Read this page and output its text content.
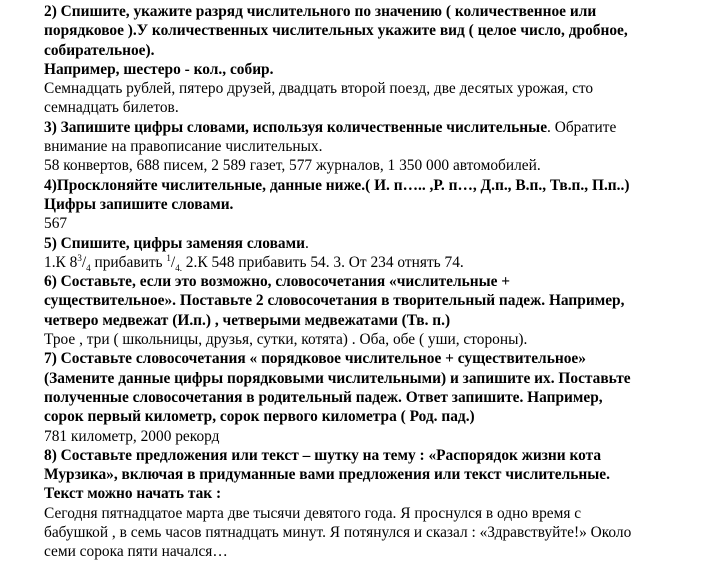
2) Спишите, укажите разряд числительного по значению ( количественное или
порядковое ).У количественных числительных укажите вид ( целое число, дробное,
собирательное).
Например, шестеро - кол., собир.
Семнадцать рублей, пятеро друзей, двадцать второй поезд, две десятых урожая, сто
семнадцать билетов.
3) Запишите цифры словами, используя количественные числительные. Обратите
внимание на правописание числительных.
58 конвертов, 688 писем, 2 589 газет, 577 журналов, 1 350 000 автомобилей.
4)Просклоняйте числительные, данные ниже.( И. п….. ,Р. п…, Д.п., В.п., Тв.п., П.п..)
Цифры запишите словами.
567
5) Спишите, цифры заменяя словами.
1.К $8^3/_4$ прибавить $^1/_{4.}$ 2.К 548 прибавить 54. 3. От 234 отнять 74.
6) Составьте, если это возможно, словосочетания «числительные +
существительное». Поставьте 2 словосочетания в творительный падеж. Например,
четверо медвежат (И.п.) , четверыми медвежатами (Тв. п.)
Трое , три ( школьницы, друзья, сутки, котята) . Оба, обе ( уши, стороны).
7) Составьте словосочетания « порядковое числительное + существительное»
(Замените данные цифры порядковыми числительными) и запишите их. Поставьте
полученные словосочетания в родительный падеж. Ответ запишите. Например,
сорок первый километр, сорок первого километра ( Род. пад.)
781 километр, 2000 рекорд
8) Составьте предложения или текст – шутку на тему : «Распорядок жизни кота
Мурзика», включая в придуманные вами предложения или текст числительные.
Текст можно начать так :
Сегодня пятнадцатое марта две тысячи девятого года. Я проснулся в одно время с
бабушкой , в семь часов пятнадцать минут. Я потянулся и сказал : «Здравствуйте!» Около
семи сорока пяти начался…
